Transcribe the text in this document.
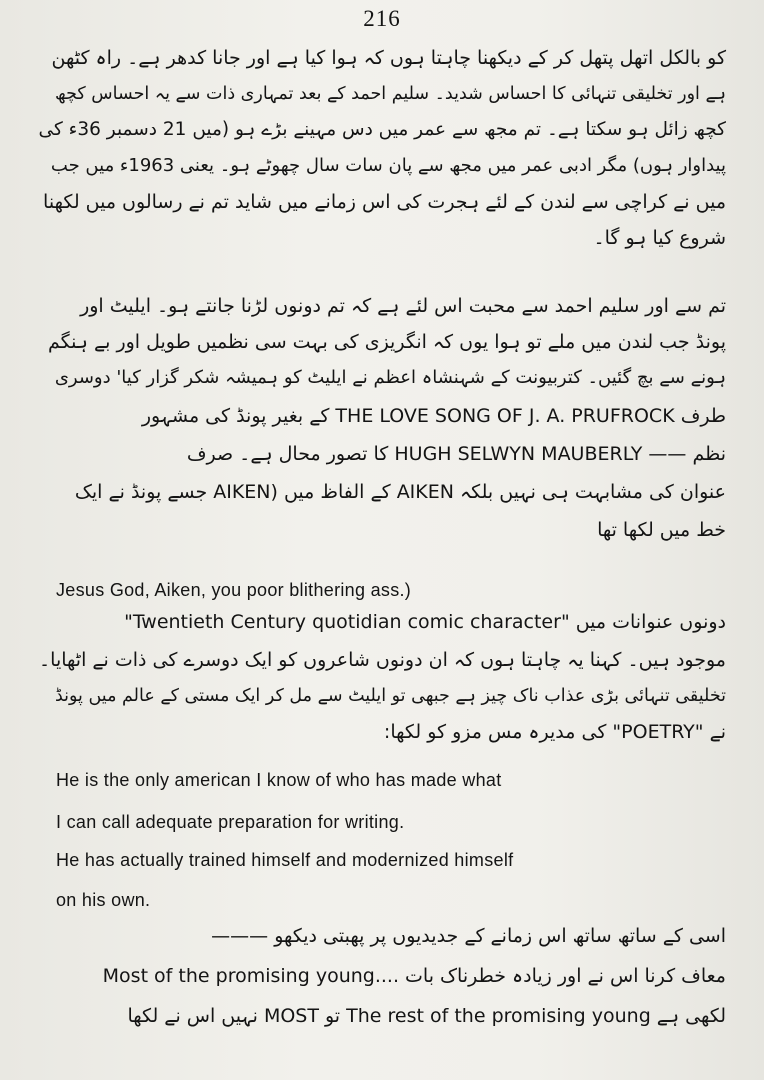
216
کو بالکل اتھل پتھل کر کے دیکھنا چاہتا ہوں کہ ہوا کیا ہے اور جانا کدھر ہے۔ راہ کٹھن
ہے اور تخلیقی تنہائی کا احساس شدید۔ سلیم احمد کے بعد تمہاری ذات سے یہ احساس کچھ
کچھ زائل ہو سکتا ہے۔ تم مجھ سے عمر میں دس مہینے بڑے ہو (میں 21 دسمبر 36ء کی
پیداوار ہوں) مگر ادبی عمر میں مجھ سے پان سات سال چھوٹے ہو۔ یعنی 1963ء میں جب
میں نے کراچی سے لندن کے لئے ہجرت کی اس زمانے میں شاید تم نے رسالوں میں لکھنا
شروع کیا ہو گا۔
تم سے اور سلیم احمد سے محبت اس لئے ہے کہ تم دونوں لڑنا جانتے ہو۔ ایلیٹ اور
پونڈ جب لندن میں ملے تو ہوا یوں کہ انگریزی کی بہت سی نظمیں طویل اور بے ہنگم
ہونے سے بچ گئیں۔ کتربیونت کے شہنشاہ اعظم نے ایلیٹ کو ہمیشہ شکر گزار کیا' دوسری
طرف THE LOVE SONG OF J. A. PRUFROCK کے بغیر پونڈ کی مشہور
نظم —— HUGH SELWYN MAUBERLY کا تصور محال ہے۔ صرف
عنوان کی مشابہت ہی نہیں بلکہ AIKEN کے الفاظ میں (AIKEN جسے پونڈ نے ایک
خط میں لکھا تھا
Jesus God, Aiken, you poor blithering ass.)
دونوں عنوانات میں "Twentieth Century quotidian comic character"
موجود ہیں۔ کہنا یہ چاہتا ہوں کہ ان دونوں شاعروں کو ایک دوسرے کی ذات نے اٹھایا۔
تخلیقی تنہائی بڑی عذاب ناک چیز ہے جبھی تو ایلیٹ سے مل کر ایک مستی کے عالم میں پونڈ
نے "POETRY" کی مدیرہ مس مزو کو لکھا:
He is the only american I know of who has made what
I can call adequate preparation for writing.
He has actually trained himself and modernized himself
on his own.
اسی کے ساتھ ساتھ اس زمانے کے جدیدیوں پر پھبتی دیکھو ———
Most of the promising young.... معاف کرنا اس نے اور زیادہ خطرناک بات
لکھی ہے The rest of the promising young تو MOST نہیں اس نے لکھا
